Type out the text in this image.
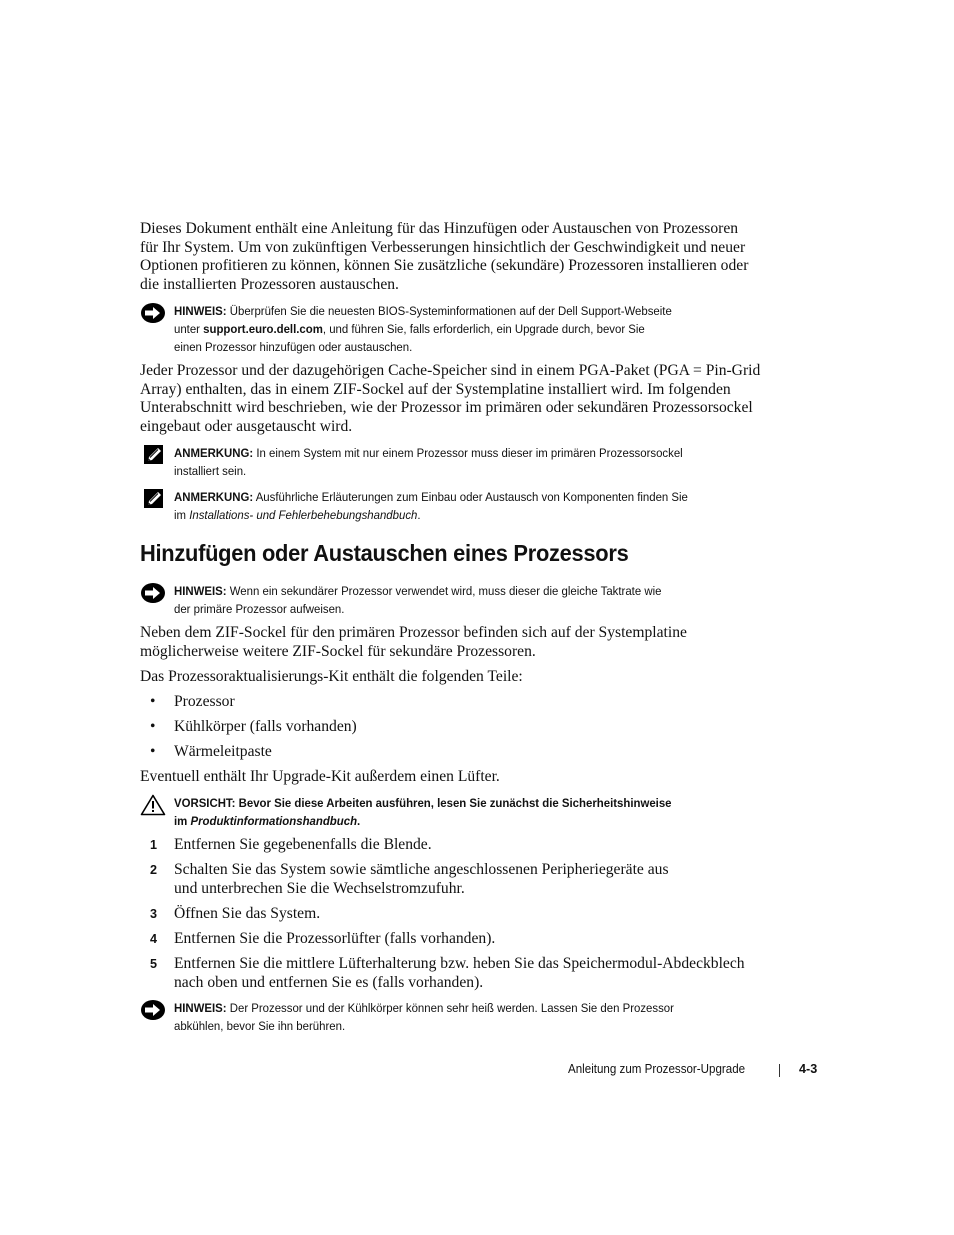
Dieses Dokument enthält eine Anleitung für das Hinzufügen oder Austauschen von Prozessoren
für Ihr System. Um von zukünftigen Verbesserungen hinsichtlich der Geschwindigkeit und neuer
Optionen profitieren zu können, können Sie zusätzliche (sekundäre) Prozessoren installieren oder
die installierten Prozessoren austauschen.
HINWEIS: Überprüfen Sie die neuesten BIOS-Systeminformationen auf der Dell Support-Webseite
unter support.euro.dell.com, und führen Sie, falls erforderlich, ein Upgrade durch, bevor Sie
einen Prozessor hinzufügen oder austauschen.
Jeder Prozessor und der dazugehörigen Cache-Speicher sind in einem PGA-Paket (PGA = Pin-Grid
Array) enthalten, das in einem ZIF-Sockel auf der Systemplatine installiert wird. Im folgenden
Unterabschnitt wird beschrieben, wie der Prozessor im primären oder sekundären Prozessorsockel
eingebaut oder ausgetauscht wird.
ANMERKUNG: In einem System mit nur einem Prozessor muss dieser im primären Prozessorsockel
installiert sein.
ANMERKUNG: Ausführliche Erläuterungen zum Einbau oder Austausch von Komponenten finden Sie
im Installations- und Fehlerbehebungshandbuch.
Hinzufügen oder Austauschen eines Prozessors
HINWEIS: Wenn ein sekundärer Prozessor verwendet wird, muss dieser die gleiche Taktrate wie
der primäre Prozessor aufweisen.
Neben dem ZIF-Sockel für den primären Prozessor befinden sich auf der Systemplatine
möglicherweise weitere ZIF-Sockel für sekundäre Prozessoren.
Das Prozessoraktualisierungs-Kit enthält die folgenden Teile:
• Prozessor
• Kühlkörper (falls vorhanden)
• Wärmeleitpaste
Eventuell enthält Ihr Upgrade-Kit außerdem einen Lüfter.
VORSICHT: Bevor Sie diese Arbeiten ausführen, lesen Sie zunächst die Sicherheitshinweise
im Produktinformationshandbuch.
1 Entfernen Sie gegebenenfalls die Blende.
2 Schalten Sie das System sowie sämtliche angeschlossenen Peripheriegeräte aus
und unterbrechen Sie die Wechselstromzufuhr.
3 Öffnen Sie das System.
4 Entfernen Sie die Prozessorlüfter (falls vorhanden).
5 Entfernen Sie die mittlere Lüfterhalterung bzw. heben Sie das Speichermodul-Abdeckblech
nach oben und entfernen Sie es (falls vorhanden).
HINWEIS: Der Prozessor und der Kühlkörper können sehr heiß werden. Lassen Sie den Prozessor
abkühlen, bevor Sie ihn berühren.
Anleitung zum Prozessor-Upgrade	4-3
